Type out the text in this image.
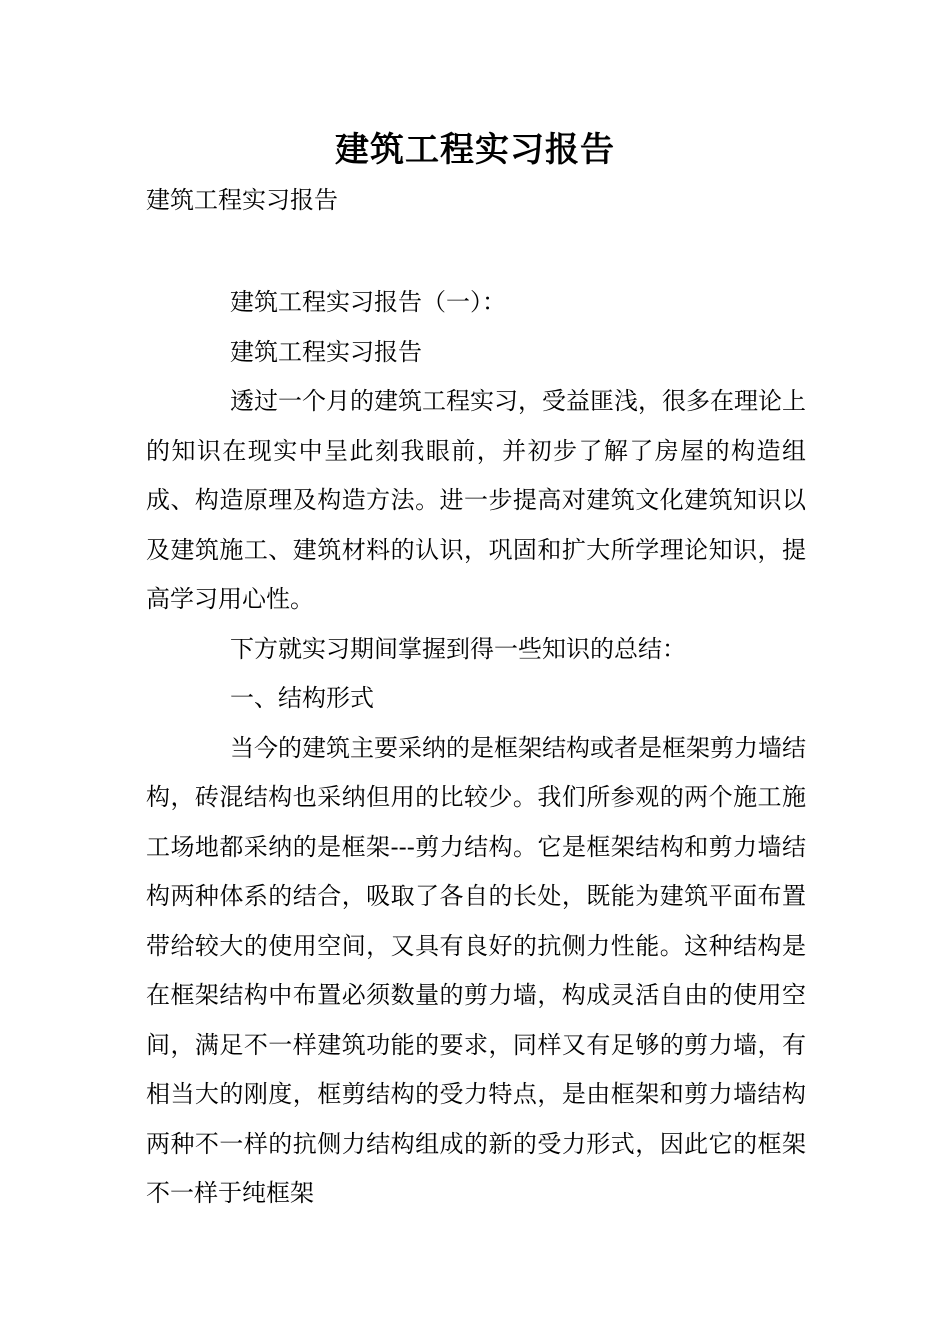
建筑工程实习报告
建筑工程实习报告

建筑工程实习报告（一）：

建筑工程实习报告

透过一个月的建筑工程实习，受益匪浅，很多在理论上的知识在现实中呈此刻我眼前，并初步了解了房屋的构造组成、构造原理及构造方法。进一步提高对建筑文化建筑知识以及建筑施工、建筑材料的认识，巩固和扩大所学理论知识，提高学习用心性。

下方就实习期间掌握到得一些知识的总结：

一、结构形式

当今的建筑主要采纳的是框架结构或者是框架剪力墙结构，砖混结构也采纳但用的比较少。我们所参观的两个施工施工场地都采纳的是框架---剪力结构。它是框架结构和剪力墙结构两种体系的结合，吸取了各自的长处，既能为建筑平面布置带给较大的使用空间，又具有良好的抗侧力性能。这种结构是在框架结构中布置必须数量的剪力墙，构成灵活自由的使用空间，满足不一样建筑功能的要求，同样又有足够的剪力墙，有相当大的刚度，框剪结构的受力特点，是由框架和剪力墙结构两种不一样的抗侧力结构组成的新的受力形式，因此它的框架不一样于纯框架
